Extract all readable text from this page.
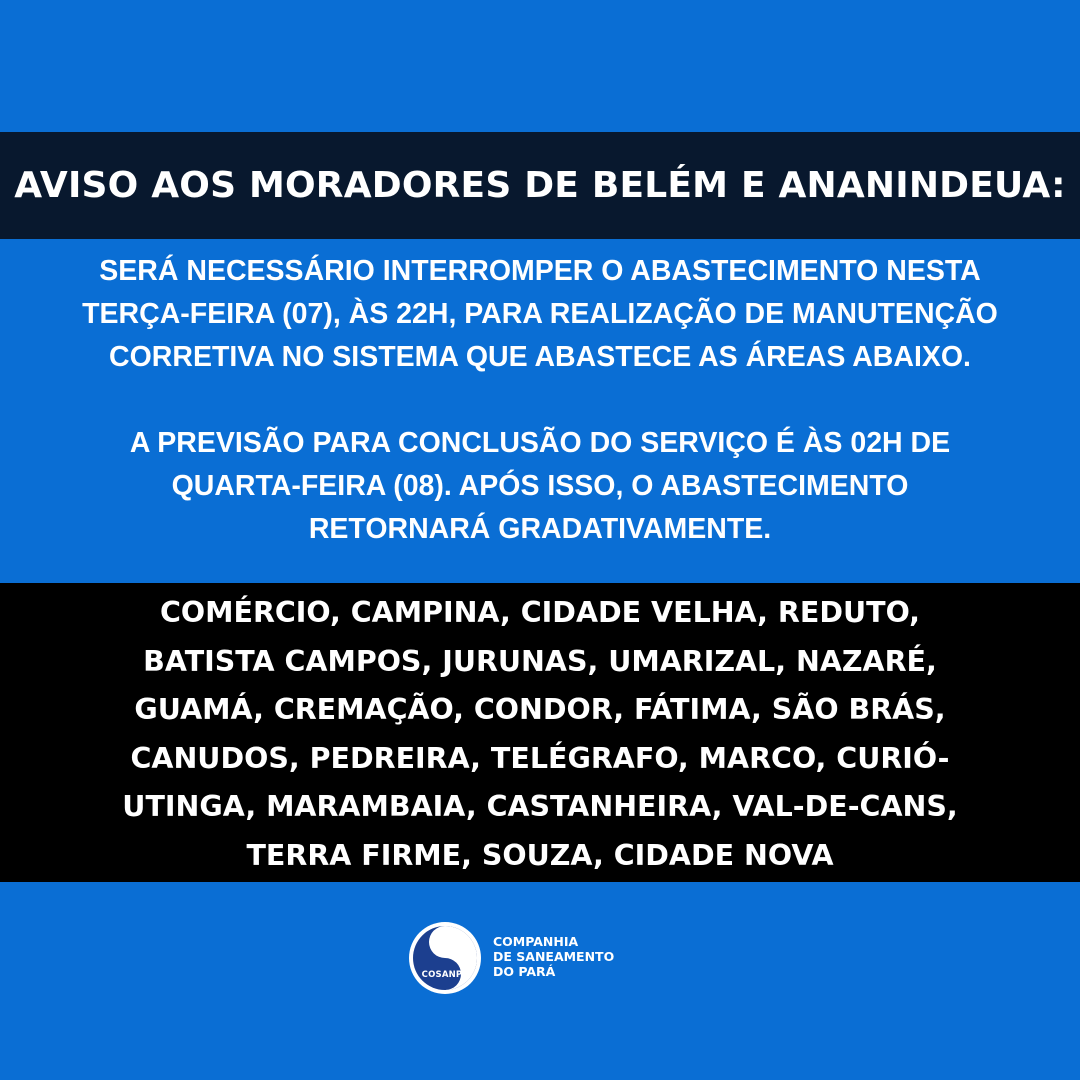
AVISO AOS MORADORES DE BELÉM E ANANINDEUA:

SERÁ NECESSÁRIO INTERROMPER O ABASTECIMENTO NESTA

TERÇA-FEIRA (07), ÀS 22H, PARA REALIZAÇÃO DE MANUTENÇÃO

CORRETIVA NO SISTEMA QUE ABASTECE AS ÁREAS ABAIXO.

A PREVISÃO PARA CONCLUSÃO DO SERVIÇO É ÀS 02H DE

QUARTA-FEIRA (08). APÓS ISSO, O ABASTECIMENTO

RETORNARÁ GRADATIVAMENTE.

COMÉRCIO, CAMPINA, CIDADE VELHA, REDUTO,

BATISTA CAMPOS, JURUNAS, UMARIZAL, NAZARÉ,

GUAMÁ, CREMAÇÃO, CONDOR, FÁTIMA, SÃO BRÁS,

CANUDOS, PEDREIRA, TELÉGRAFO, MARCO, CURIÓ-

UTINGA, MARAMBAIA, CASTANHEIRA, VAL-DE-CANS,

TERRA FIRME, SOUZA, CIDADE NOVA

COSANPA
COMPANHIA
DE SANEAMENTO
DO PARÁ
